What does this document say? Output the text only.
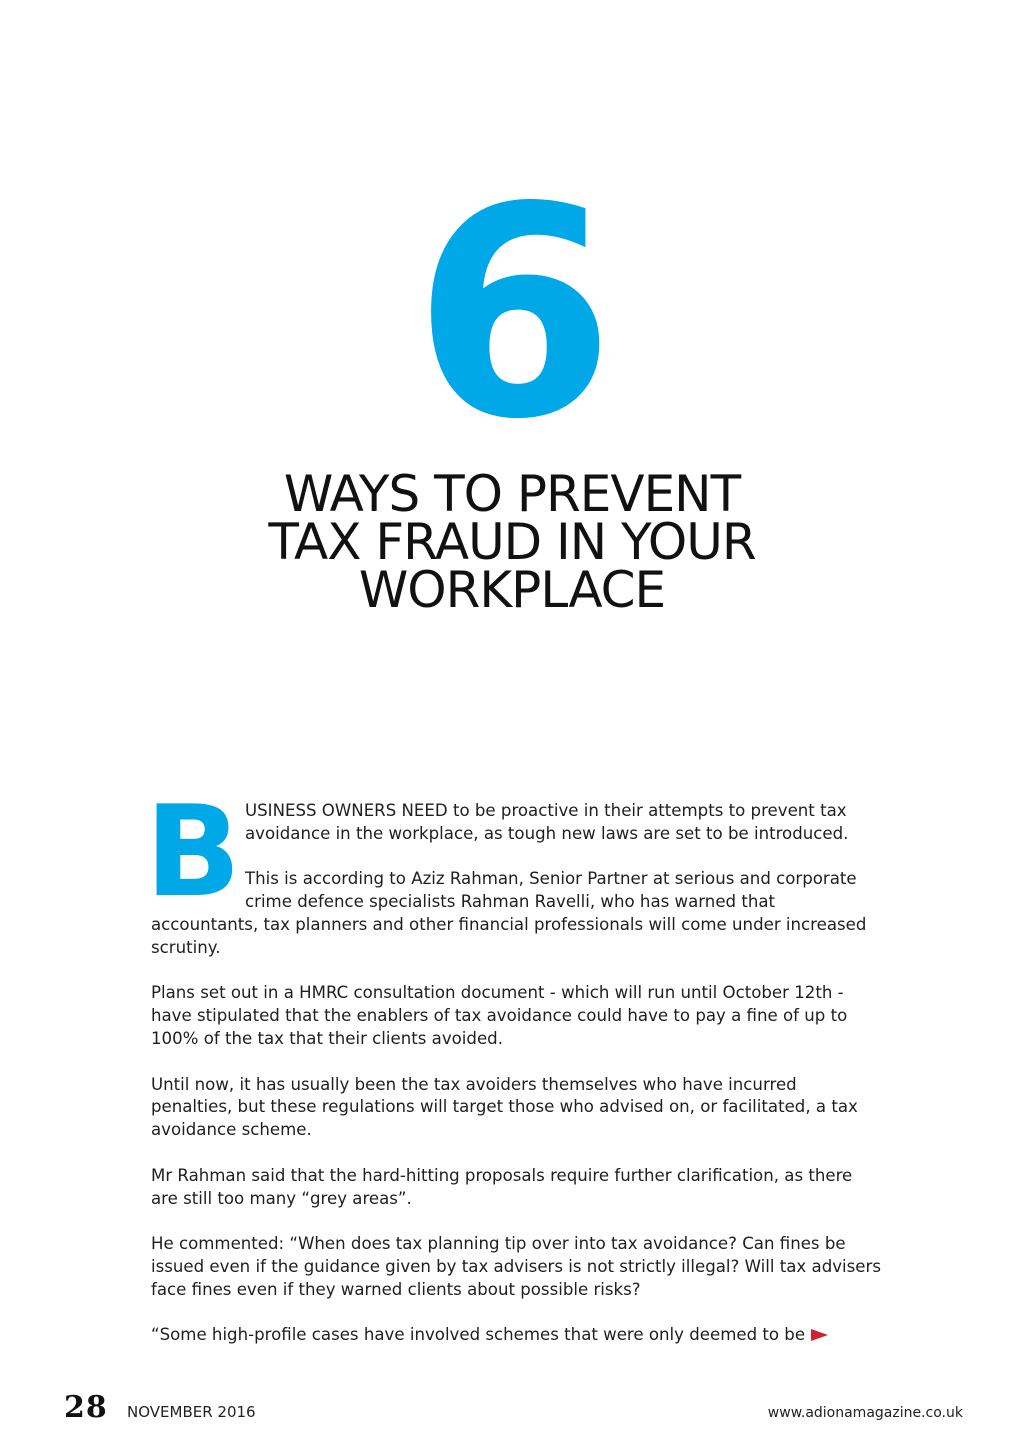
6
WAYS TO PREVENT
TAX FRAUD IN YOUR
WORKPLACE
B USINESS OWNERS NEED to be proactive in their attempts to prevent tax avoidance in the workplace, as tough new laws are set to be introduced.

This is according to Aziz Rahman, Senior Partner at serious and corporate crime defence specialists Rahman Ravelli, who has warned that accountants, tax planners and other financial professionals will come under increased scrutiny.

Plans set out in a HMRC consultation document - which will run until October 12th - have stipulated that the enablers of tax avoidance could have to pay a fine of up to 100% of the tax that their clients avoided.

Until now, it has usually been the tax avoiders themselves who have incurred penalties, but these regulations will target those who advised on, or facilitated, a tax avoidance scheme.

Mr Rahman said that the hard-hitting proposals require further clarification, as there are still too many “grey areas”.

He commented: “When does tax planning tip over into tax avoidance? Can fines be issued even if the guidance given by tax advisers is not strictly illegal? Will tax advisers face fines even if they warned clients about possible risks?

“Some high-profile cases have involved schemes that were only deemed to be

28 NOVEMBER 2016	www.adionamagazine.co.uk
